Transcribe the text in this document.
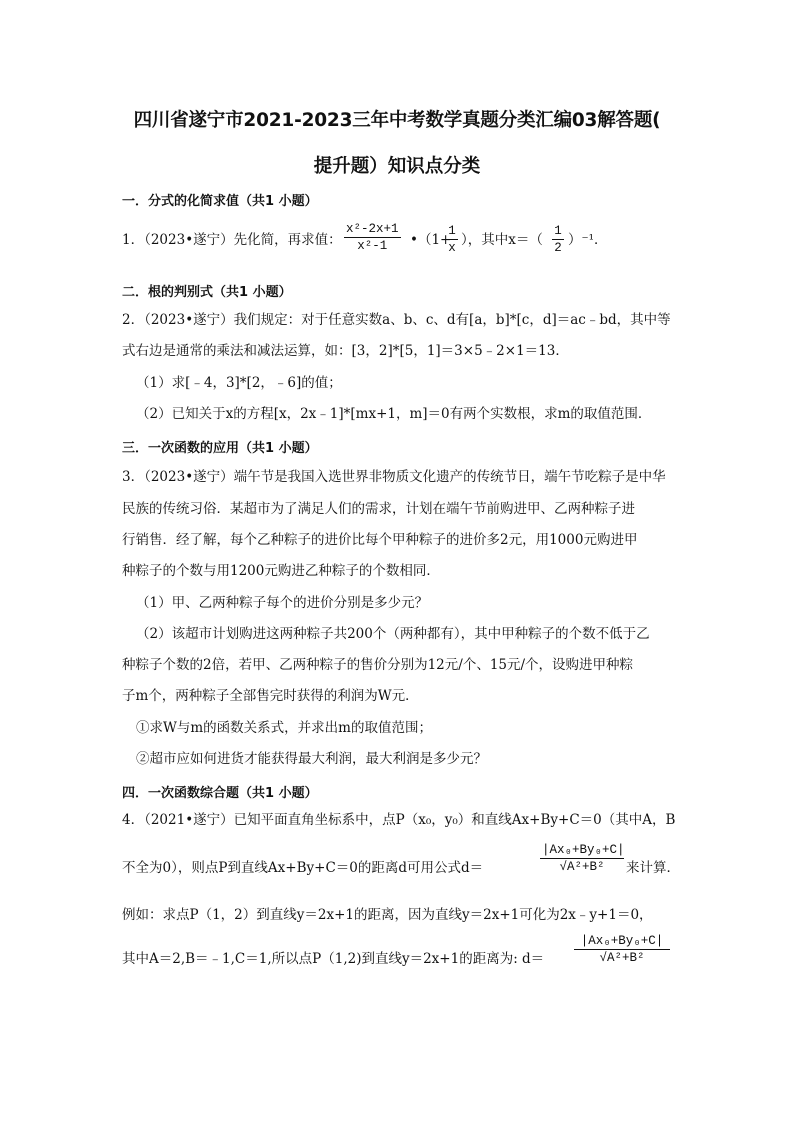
四川省遂宁市2021-2023三年中考数学真题分类汇编03解答题(
提升题）知识点分类
一．分式的化简求值（共1 小题）
1．（2023•遂宁）先化简，再求值：
x²-2x+1
x²-1	•（1+
1
x ），其中x＝（
1
2 ）⁻¹．
二．根的判别式（共1 小题）
2．（2023•遂宁）我们规定：对于任意实数a、b、c、d有[a，b]*[c，d]＝ac﹣bd，其中等
式右边是通常的乘法和减法运算，如：[3，2]*[5，1]＝3×5﹣2×1＝13．
（1）求[﹣4，3]*[2，﹣6]的值；
（2）已知关于x的方程[x，2x﹣1]*[mx+1，m]＝0有两个实数根，求m的取值范围．
三．一次函数的应用（共1 小题）
3．（2023•遂宁）端午节是我国入选世界非物质文化遗产的传统节日，端午节吃粽子是中华
民族的传统习俗．某超市为了满足人们的需求，计划在端午节前购进甲、乙两种粽子进
行销售．经了解，每个乙种粽子的进价比每个甲种粽子的进价多2元，用1000元购进甲
种粽子的个数与用1200元购进乙种粽子的个数相同．
（1）甲、乙两种粽子每个的进价分别是多少元？
（2）该超市计划购进这两种粽子共200个（两种都有），其中甲种粽子的个数不低于乙
种粽子个数的2倍，若甲、乙两种粽子的售价分别为12元/个、15元/个，设购进甲种粽
子m个，两种粽子全部售完时获得的利润为W元．
①求W与m的函数关系式，并求出m的取值范围；
②超市应如何进货才能获得最大利润，最大利润是多少元？
四．一次函数综合题（共1 小题）
4．（2021•遂宁）已知平面直角坐标系中，点P（x₀，y₀）和直线Ax+By+C＝0（其中A，B
不全为0），则点P到直线Ax+By+C＝0的距离d可用公式d＝
|Ax₀+By₀+C|
√A²+B²	来计算．
例如：求点P（1，2）到直线y＝2x+1的距离，因为直线y＝2x+1可化为2x﹣y+1＝0，
其中A＝2,B＝﹣1,C＝1,所以点P（1,2)到直线y＝2x+1的距离为: d＝
|Ax₀+By₀+C|
√A²+B²
